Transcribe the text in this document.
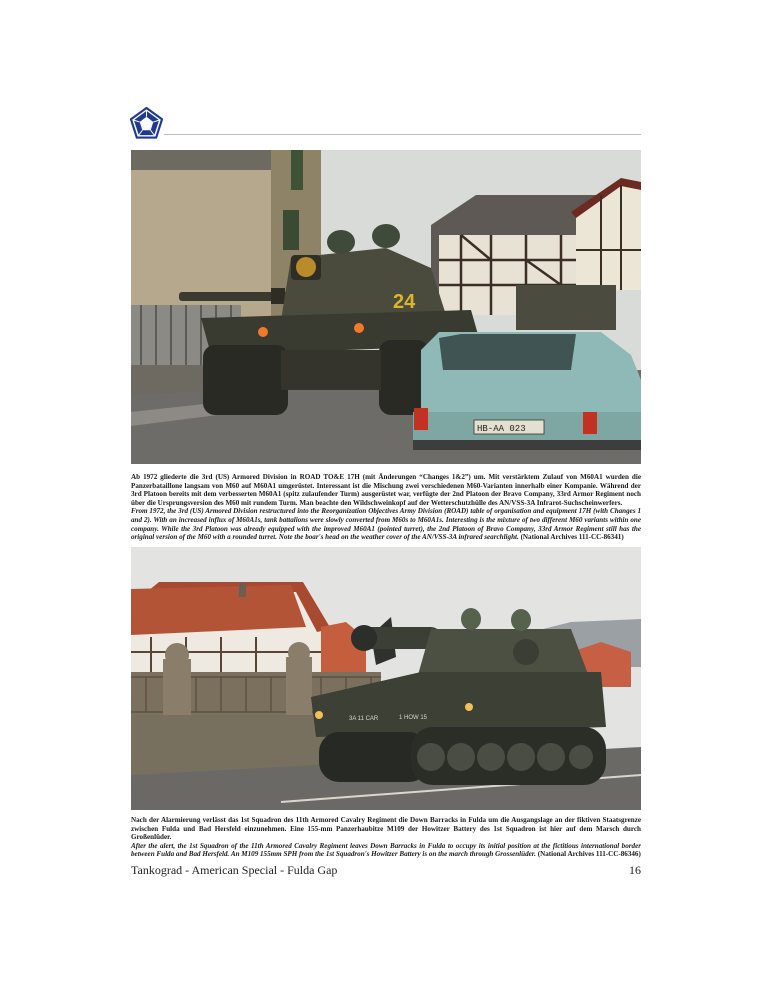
24
HB-AA 023

Ab 1972 gliederte die 3rd (US) Armored Division in ROAD TO&E 17H (mit Änderungen “Changes 1&2”) um. Mit verstärktem Zulauf von M60A1 wurden die Panzerbataillone langsam von M60 auf M60A1 umgerüstet. Interessant ist die Mischung zwei verschiedenen M60-Varianten innerhalb einer Kompanie. Während der 3rd Platoon bereits mit dem verbesserten M60A1 (spitz zulaufender Turm) ausgerüstet war, verfügte der 2nd Platoon der Bravo Company, 33rd Armor Regiment noch über die Ursprungsversion des M60 mit rundem Turm. Man beachte den Wildschweinkopf auf der Wetterschutzhülle des AN/VSS-3A Infrarot-Suchscheinwerfers.

From 1972, the 3rd (US) Armored Division restructured into the Reorganization Objectives Army Division (ROAD) table of organisation and equipment 17H (with Changes 1 and 2). With an increased influx of M60A1s, tank battalions were slowly converted from M60s to M60A1s. Interesting is the mixture of two different M60 variants within one company. While the 3rd Platoon was already equipped with the improved M60A1 (pointed turret), the 2nd Platoon of Bravo Company, 33rd Armor Regiment still has the original version of the M60 with a rounded turret. Note the boar's head on the weather cover of the AN/VSS-3A infrared searchlight. (National Archives 111-CC-86341)

3A 11 CAR	1 HOW 15

Nach der Alarmierung verlässt das 1st Squadron des 11th Armored Cavalry Regiment die Down Barracks in Fulda um die Ausgangslage an der fiktiven Staatsgrenze zwischen Fulda und Bad Hersfeld einzunehmen. Eine 155-mm Panzerhaubitze M109 der Howitzer Battery des 1st Squadron ist hier auf dem Marsch durch Großenlüder.

After the alert, the 1st Squadron of the 11th Armored Cavalry Regiment leaves Down Barracks in Fulda to occupy its initial position at the fictitious international border between Fulda and Bad Hersfeld. An M109 155mm SPH from the 1st Squadron's Howitzer Battery is on the march through Grossenlüder. (National Archives 111-CC-86346)

Tankograd - American Special - Fulda Gap	16
